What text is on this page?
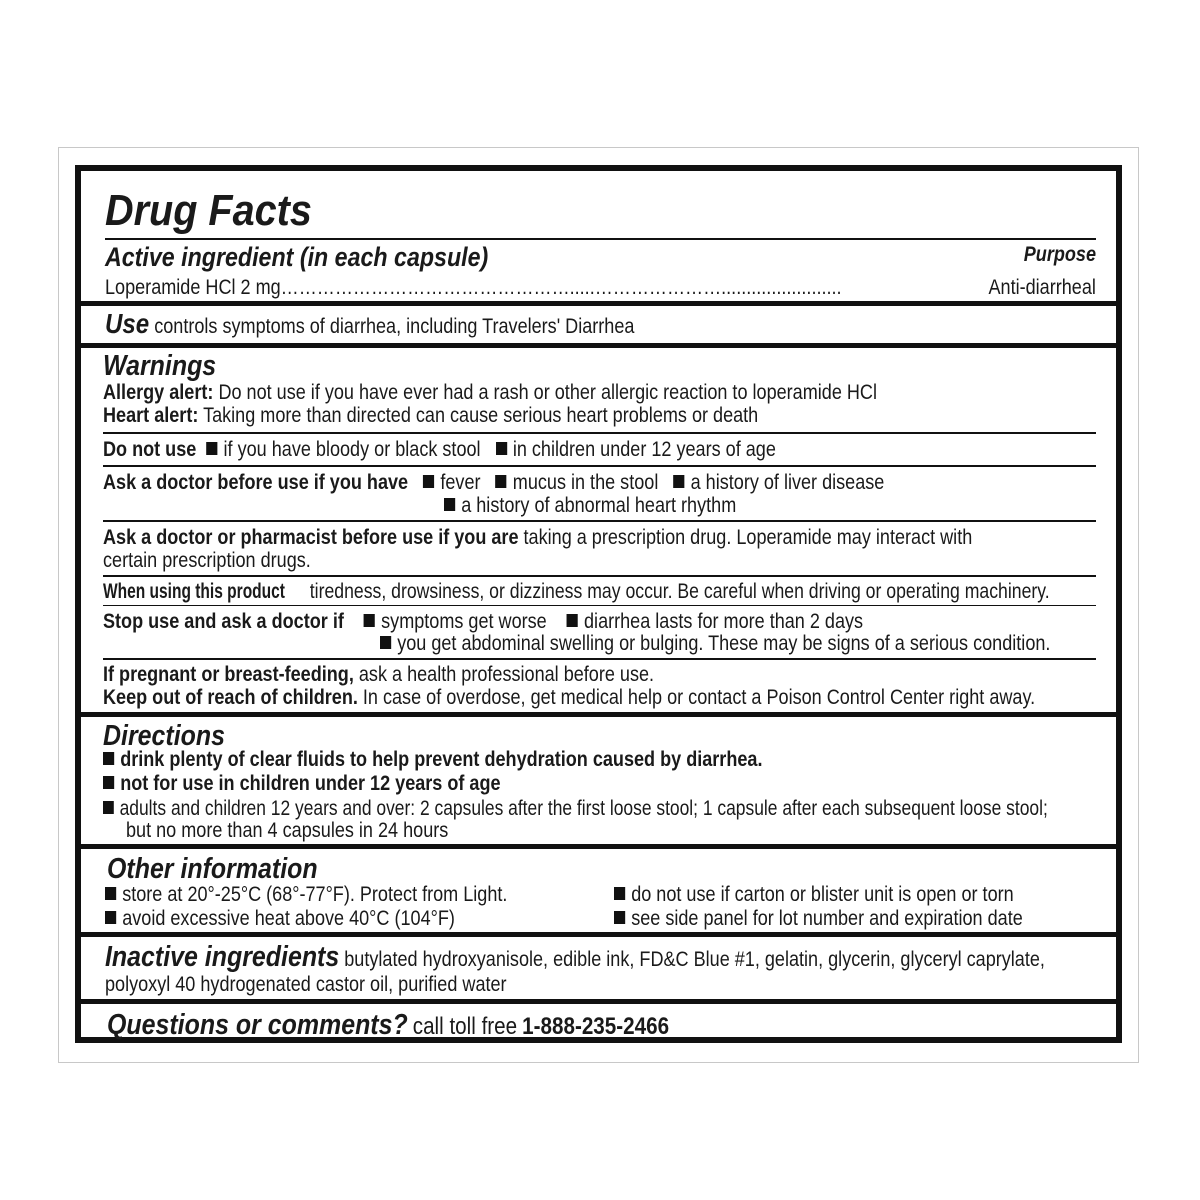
Drug Facts
Active ingredient (in each capsule)	Purpose
Loperamide HCl 2 mg………………………………………….....…………………........................	Anti-diarrheal
Use controls symptoms of diarrhea, including Travelers' Diarrhea
Warnings
Allergy alert: Do not use if you have ever had a rash or other allergic reaction to loperamide HCl
Heart alert: Taking more than directed can cause serious heart problems or death
Do not use if you have bloody or black stool in children under 12 years of age
Ask a doctor before use if you have fever mucus in the stool a history of liver disease
a history of abnormal heart rhythm
Ask a doctor or pharmacist before use if you are taking a prescription drug. Loperamide may interact with
certain prescription drugs.
When using this product tiredness, drowsiness, or dizziness may occur. Be careful when driving or operating machinery.
Stop use and ask a doctor if symptoms get worse diarrhea lasts for more than 2 days
you get abdominal swelling or bulging. These may be signs of a serious condition.
If pregnant or breast-feeding, ask a health professional before use.
Keep out of reach of children. In case of overdose, get medical help or contact a Poison Control Center right away.
Directions
drink plenty of clear fluids to help prevent dehydration caused by diarrhea.
not for use in children under 12 years of age
adults and children 12 years and over: 2 capsules after the first loose stool; 1 capsule after each subsequent loose stool;
but no more than 4 capsules in 24 hours
Other information
store at 20°-25°C (68°-77°F). Protect from Light.	do not use if carton or blister unit is open or torn
avoid excessive heat above 40°C (104°F)	see side panel for lot number and expiration date
Inactive ingredients butylated hydroxyanisole, edible ink, FD&C Blue #1, gelatin, glycerin, glyceryl caprylate,
polyoxyl 40 hydrogenated castor oil, purified water
Questions or comments? call toll free 1-888-235-2466
